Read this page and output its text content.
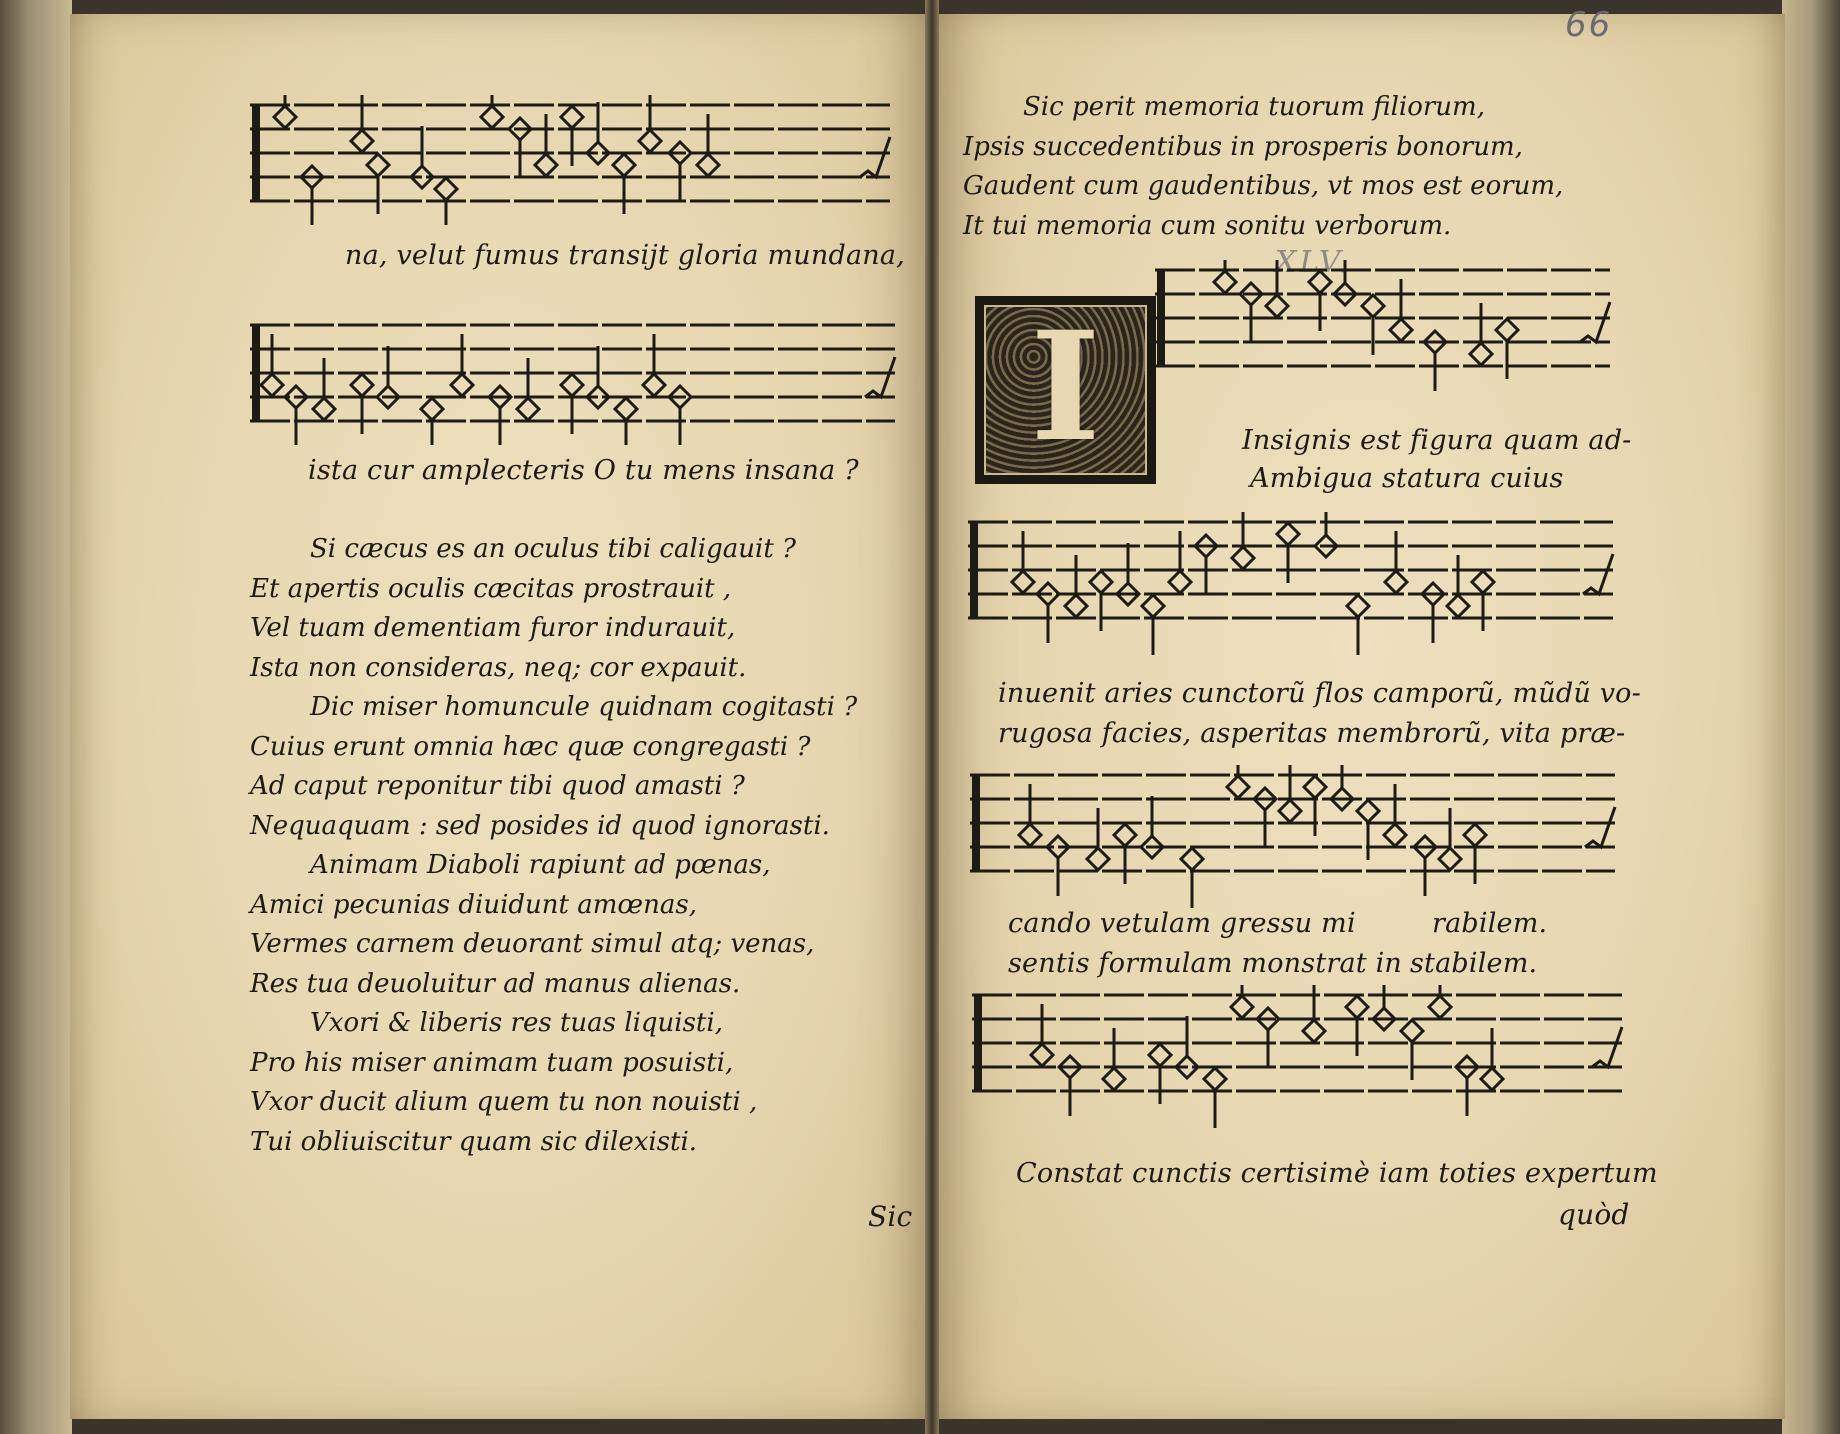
na, velut fumus transijt gloria mundana,

ista cur amplecteris O tu mens insana ?

Si cæcus es an oculus tibi caligauit ?
Et apertis oculis cæcitas prostrauit ,
Vel tuam dementiam furor indurauit,
Ista non consideras, neq; cor expauit.
Dic miser homuncule quidnam cogitasti ?
Cuius erunt omnia hæc quæ congregasti ?
Ad caput reponitur tibi quod amasti ?
Nequaquam : sed posides id quod ignorasti.
Animam Diaboli rapiunt ad pœnas,
Amici pecunias diuidunt amœnas,
Vermes carnem deuorant simul atq; venas,
Res tua deuoluitur ad manus alienas.
Vxori & liberis res tuas liquisti,
Pro his miser animam tuam posuisti,
Vxor ducit alium quem tu non nouisti ,
Tui obliuiscitur quam sic dilexisti.

Sic

66
Sic perit memoria tuorum filiorum,
Ipsis succedentibus in prosperis bonorum,
Gaudent cum gaudentibus, vt mos est eorum,
It tui memoria cum sonitu verborum.
XLV.
I	Insignis est figura quam ad-

Ambigua statura cuius

inuenit aries cunctorũ flos camporũ, mũdũ vo-

rugosa facies, asperitas membrorũ, vita præ-

cando vetulam gressu mi	rabilem.

sentis formulam monstrat in stabilem.

Constat cunctis certisimè iam toties expertum

quòd
